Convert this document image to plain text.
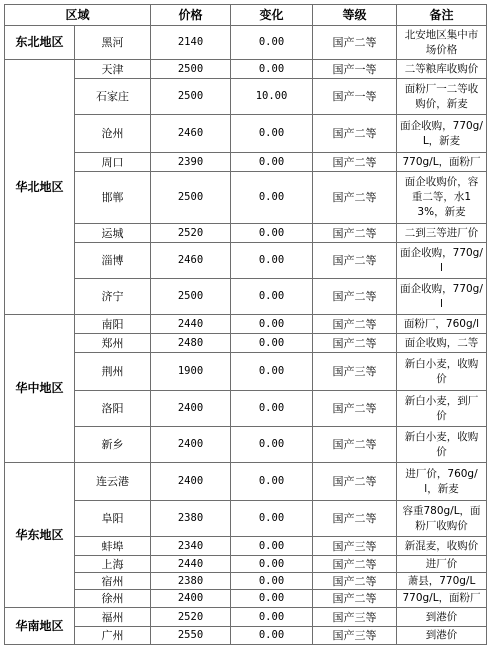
区域		价格	变化	等级	备注
东北地区	黑河	2140	0.00	国产二等	北安地区集中市场价格
华北地区	天津	2500	0.00	国产一等	二等粮库收购价
	石家庄	2500	10.00	国产一等	面粉厂一二等收购价，新麦
	沧州	2460	0.00	国产二等	面企收购，770g/L，新麦
	周口	2390	0.00	国产二等	770g/L，面粉厂
	邯郸	2500	0.00	国产二等	面企收购价，容重二等，水13%，新麦
	运城	2520	0.00	国产二等	二到三等进厂价
	淄博	2460	0.00	国产二等	面企收购，770g/l
	济宁	2500	0.00	国产二等	面企收购，770g/l
华中地区	南阳	2440	0.00	国产二等	面粉厂，760g/l
	郑州	2480	0.00	国产二等	面企收购，二等
	荆州	1900	0.00	国产三等	新白小麦，收购价
	洛阳	2400	0.00	国产二等	新白小麦，到厂价
	新乡	2400	0.00	国产二等	新白小麦，收购价
华东地区	连云港	2400	0.00	国产二等	进厂价，760g/l，新麦
	阜阳	2380	0.00	国产二等	容重780g/L，面粉厂收购价
	蚌埠	2340	0.00	国产三等	新混麦，收购价
	上海	2440	0.00	国产二等	进厂价
	宿州	2380	0.00	国产二等	萧县，770g/L
	徐州	2400	0.00	国产二等	770g/L，面粉厂
华南地区	福州	2520	0.00	国产三等	到港价
	广州	2550	0.00	国产三等	到港价
